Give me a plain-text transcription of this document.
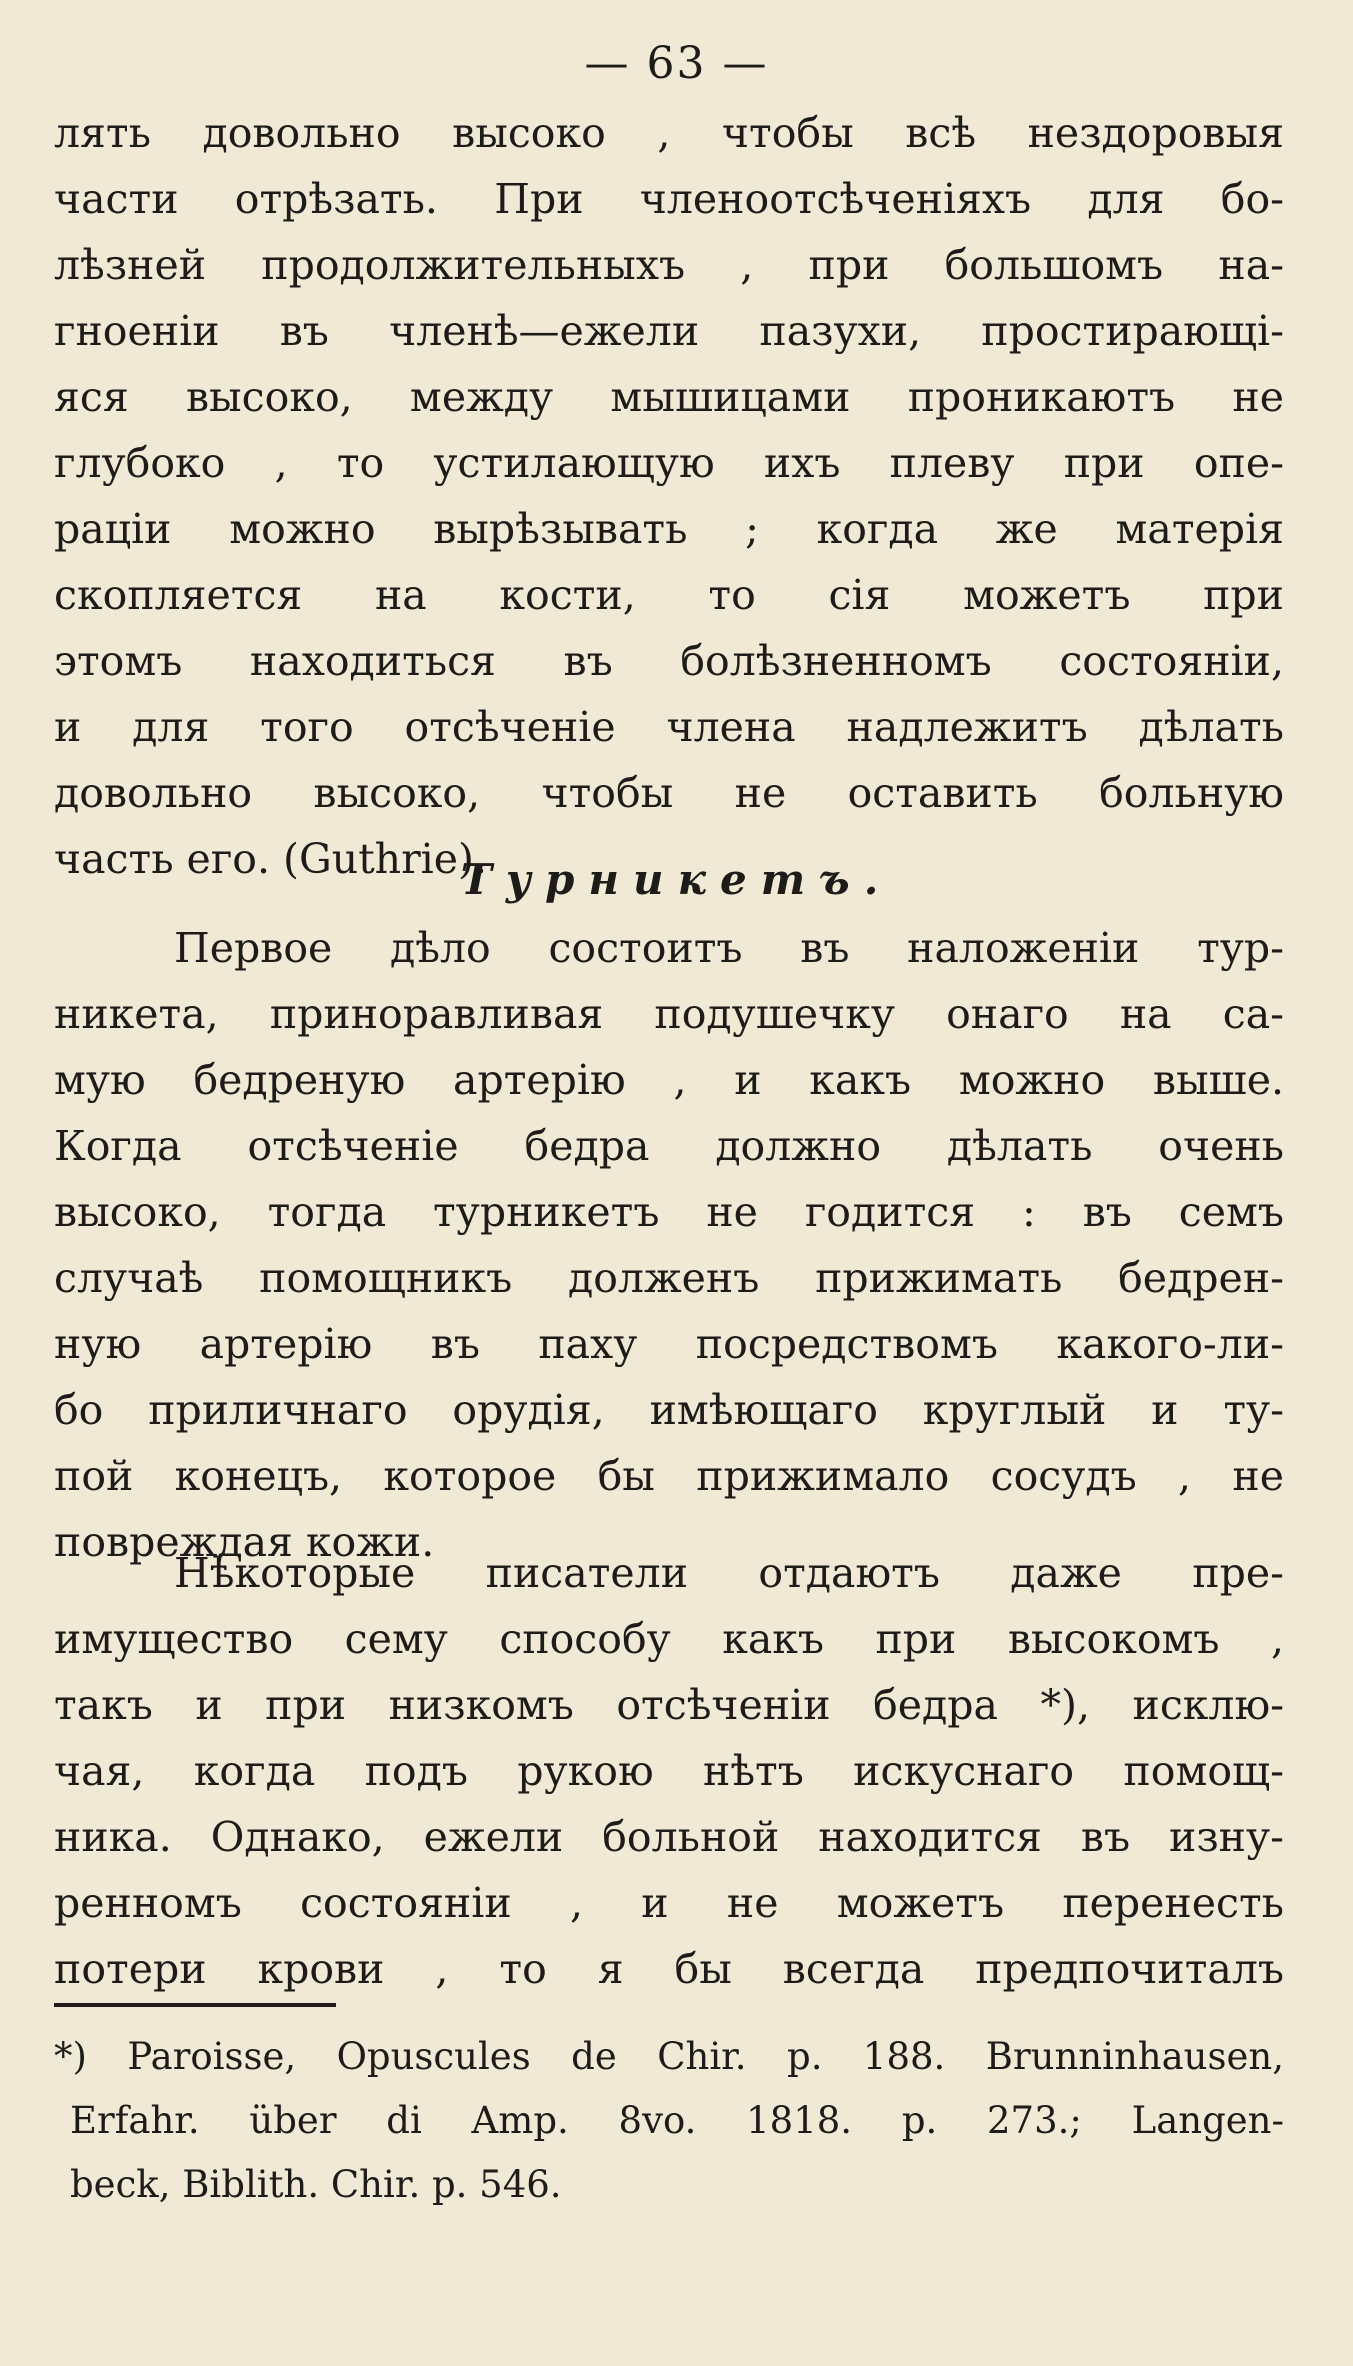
— 63 —
лять довольно высоко , чтобы всѣ нездоровыя
части отрѣзать. При членоотсѣченіяхъ для бо-
лѣзней продолжительныхъ , при большомъ на-
гноеніи въ членѣ—ежели пазухи, простирающі-
яся высоко, между мышицами проникаютъ не
глубоко , то устилающую ихъ плеву при опе-
раціи можно вырѣзывать ; когда же матерія
скопляется на кости, то сія можетъ при
этомъ находиться въ болѣзненномъ состояніи,
и для того отсѣченіе члена надлежитъ дѣлать
довольно высоко, чтобы не оставить больную
часть его. (Guthrie).
Турникетъ.
Первое дѣло состоитъ въ наложеніи тур-
никета, приноравливая подушечку онаго на са-
мую бедреную артерію , и какъ можно выше.
Когда отсѣченіе бедра должно дѣлать очень
высоко, тогда турникетъ не годится : въ семъ
случаѣ помощникъ долженъ прижимать бедрен-
ную артерію въ паху посредствомъ какого-ли-
бо приличнаго орудія, имѣющаго круглый и ту-
пой конецъ, которое бы прижимало сосудъ , не
повреждая кожи.
Нѣкоторые писатели отдаютъ даже пре-
имущество сему способу какъ при высокомъ ,
такъ и при низкомъ отсѣченіи бедра *), исклю-
чая, когда подъ рукою нѣтъ искуснаго помощ-
ника. Однако, ежели больной находится въ изну-
ренномъ состояніи , и не можетъ перенесть
потери крови , то я бы всегда предпочиталъ
*) Paroisse, Opuscules de Chir. p. 188. Brunninhausen,
Erfahr. über di Amp. 8vo. 1818. p. 273.; Langen-
beck, Biblith. Chir. p. 546.
